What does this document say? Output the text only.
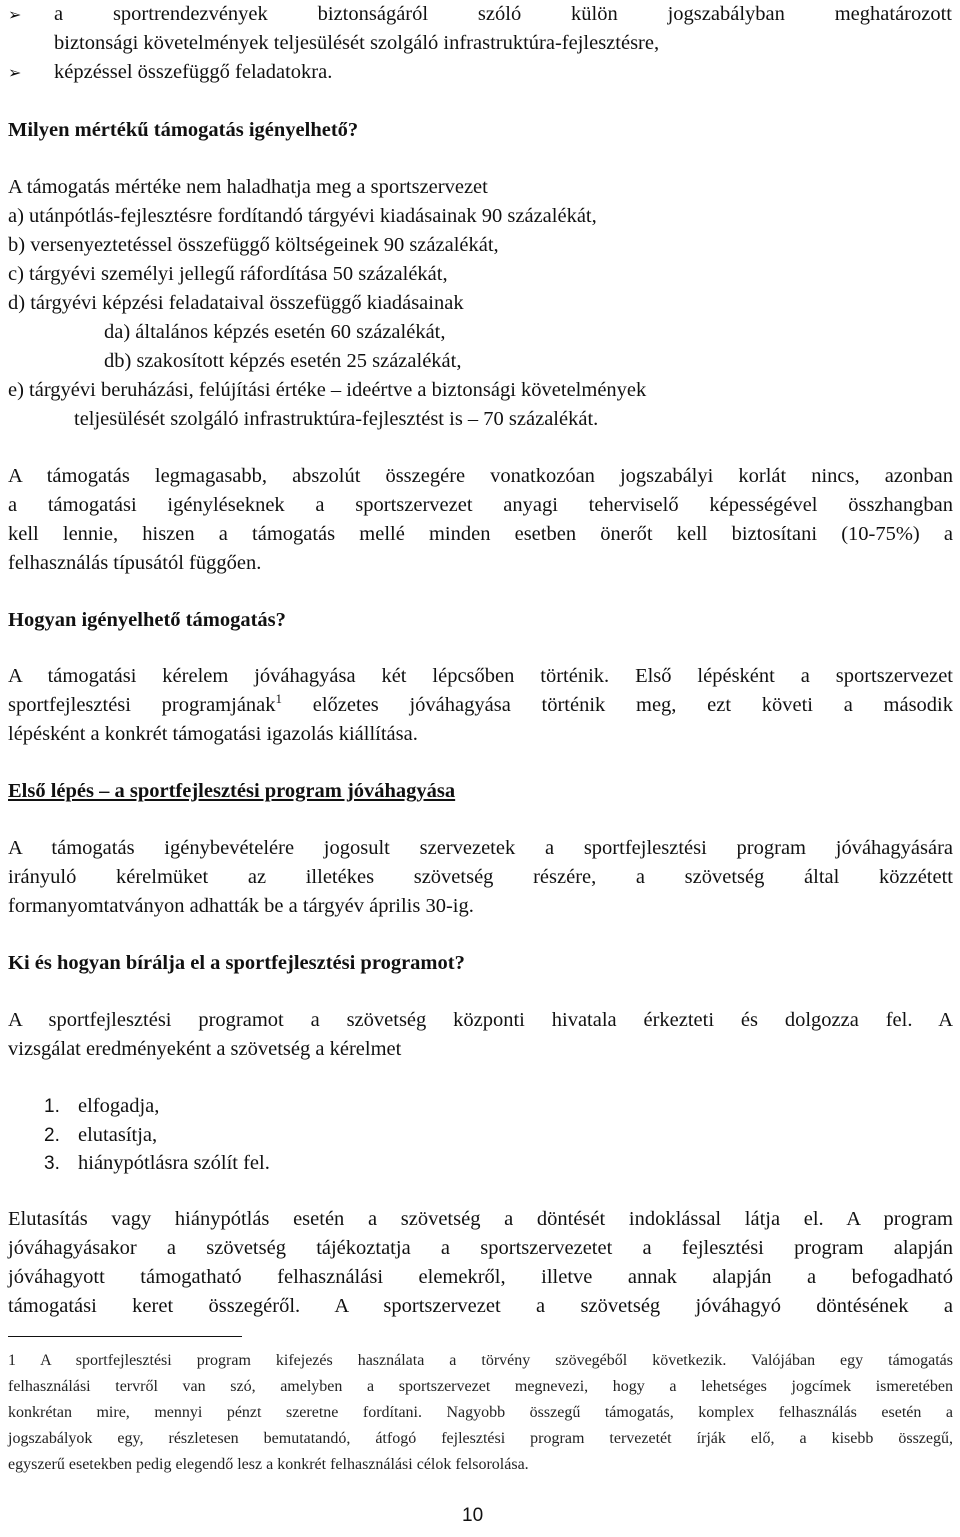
➢ a sportrendezvények biztonságáról szóló külön jogszabályban meghatározott
biztonsági követelmények teljesülését szolgáló infrastruktúra-fejlesztésre,
➢ képzéssel összefüggő feladatokra.
Milyen mértékű támogatás igényelhető?
A támogatás mértéke nem haladhatja meg a sportszervezet
a) utánpótlás-fejlesztésre fordítandó tárgyévi kiadásainak 90 százalékát,
b) versenyeztetéssel összefüggő költségeinek 90 százalékát,
c) tárgyévi személyi jellegű ráfordítása 50 százalékát,
d) tárgyévi képzési feladataival összefüggő kiadásainak
da) általános képzés esetén 60 százalékát,
db) szakosított képzés esetén 25 százalékát,
e) tárgyévi beruházási, felújítási értéke – ideértve a biztonsági követelmények
teljesülését szolgáló infrastruktúra-fejlesztést is – 70 százalékát.
A támogatás legmagasabb, abszolút összegére vonatkozóan jogszabályi korlát nincs, azonban
a támogatási igényléseknek a sportszervezet anyagi teherviselő képességével összhangban
kell lennie, hiszen a támogatás mellé minden esetben önerőt kell biztosítani (10-75%) a
felhasználás típusától függően.
Hogyan igényelhető támogatás?
A támogatási kérelem jóváhagyása két lépcsőben történik. Első lépésként a sportszervezet
sportfejlesztési programjának$^1$ előzetes jóváhagyása történik meg, ezt követi a második
lépésként a konkrét támogatási igazolás kiállítása.
Első lépés – a sportfejlesztési program jóváhagyása
A támogatás igénybevételére jogosult szervezetek a sportfejlesztési program jóváhagyására
irányuló kérelmüket az illetékes szövetség részére, a szövetség által közzétett
formanyomtatványon adhatták be a tárgyév április 30-ig.
Ki és hogyan bírálja el a sportfejlesztési programot?
A sportfejlesztési programot a szövetség központi hivatala érkezteti és dolgozza fel. A
vizsgálat eredményeként a szövetség a kérelmet
1. elfogadja,
2. elutasítja,
3. hiánypótlásra szólít fel.
Elutasítás vagy hiánypótlás esetén a szövetség a döntését indoklással látja el. A program
jóváhagyásakor a szövetség tájékoztatja a sportszervezetet a fejlesztési program alapján
jóváhagyott támogatható felhasználási elemekről, illetve annak alapján a befogadható
támogatási keret összegéről. A sportszervezet a szövetség jóváhagyó döntésének a
1 A sportfejlesztési program kifejezés használata a törvény szövegéből következik. Valójában egy támogatás
felhasználási tervről van szó, amelyben a sportszervezet megnevezi, hogy a lehetséges jogcímek ismeretében
konkrétan mire, mennyi pénzt szeretne fordítani. Nagyobb összegű támogatás, komplex felhasználás esetén a
jogszabályok egy, részletesen bemutatandó, átfogó fejlesztési program tervezetét írják elő, a kisebb összegű,
egyszerű esetekben pedig elegendő lesz a konkrét felhasználási célok felsorolása.
10
